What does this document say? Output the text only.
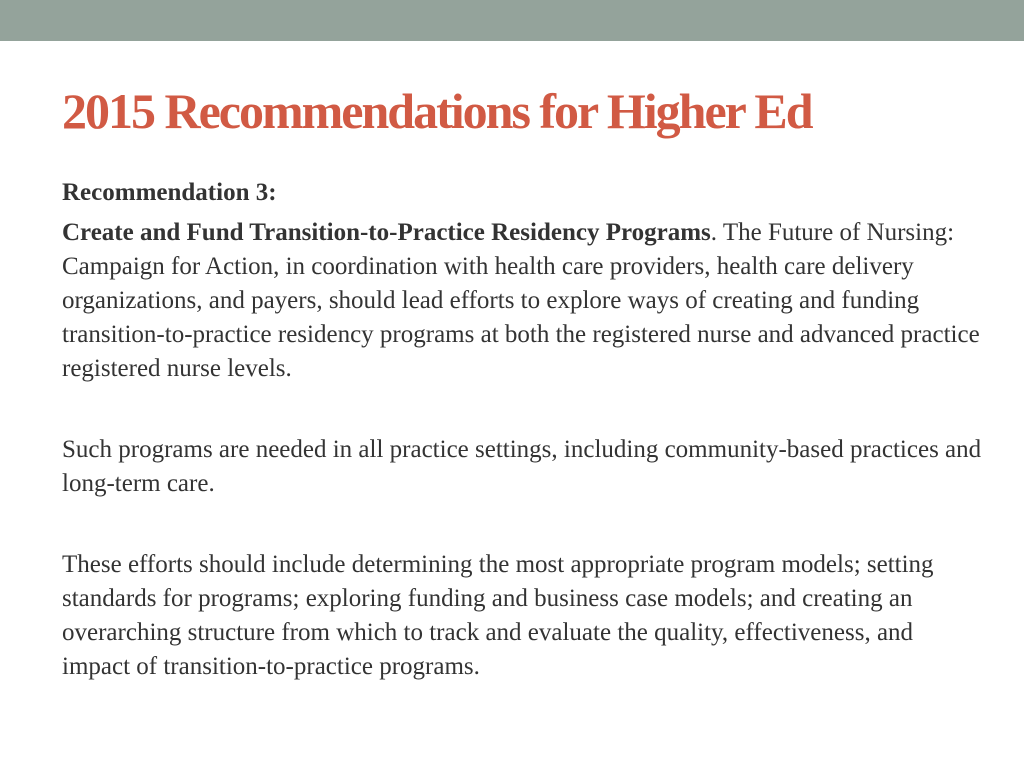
2015 Recommendations for Higher Ed

Recommendation 3:

Create and Fund Transition-to-Practice Residency Programs. The Future of Nursing: Campaign for Action, in coordination with health care providers, health care delivery organizations, and payers, should lead efforts to explore ways of creating and funding transition-to-practice residency programs at both the registered nurse and advanced practice registered nurse levels.

Such programs are needed in all practice settings, including community-based practices and long-term care.

These efforts should include determining the most appropriate program models; setting standards for programs; exploring funding and business case models; and creating an overarching structure from which to track and evaluate the quality, effectiveness, and impact of transition-to-practice programs.
